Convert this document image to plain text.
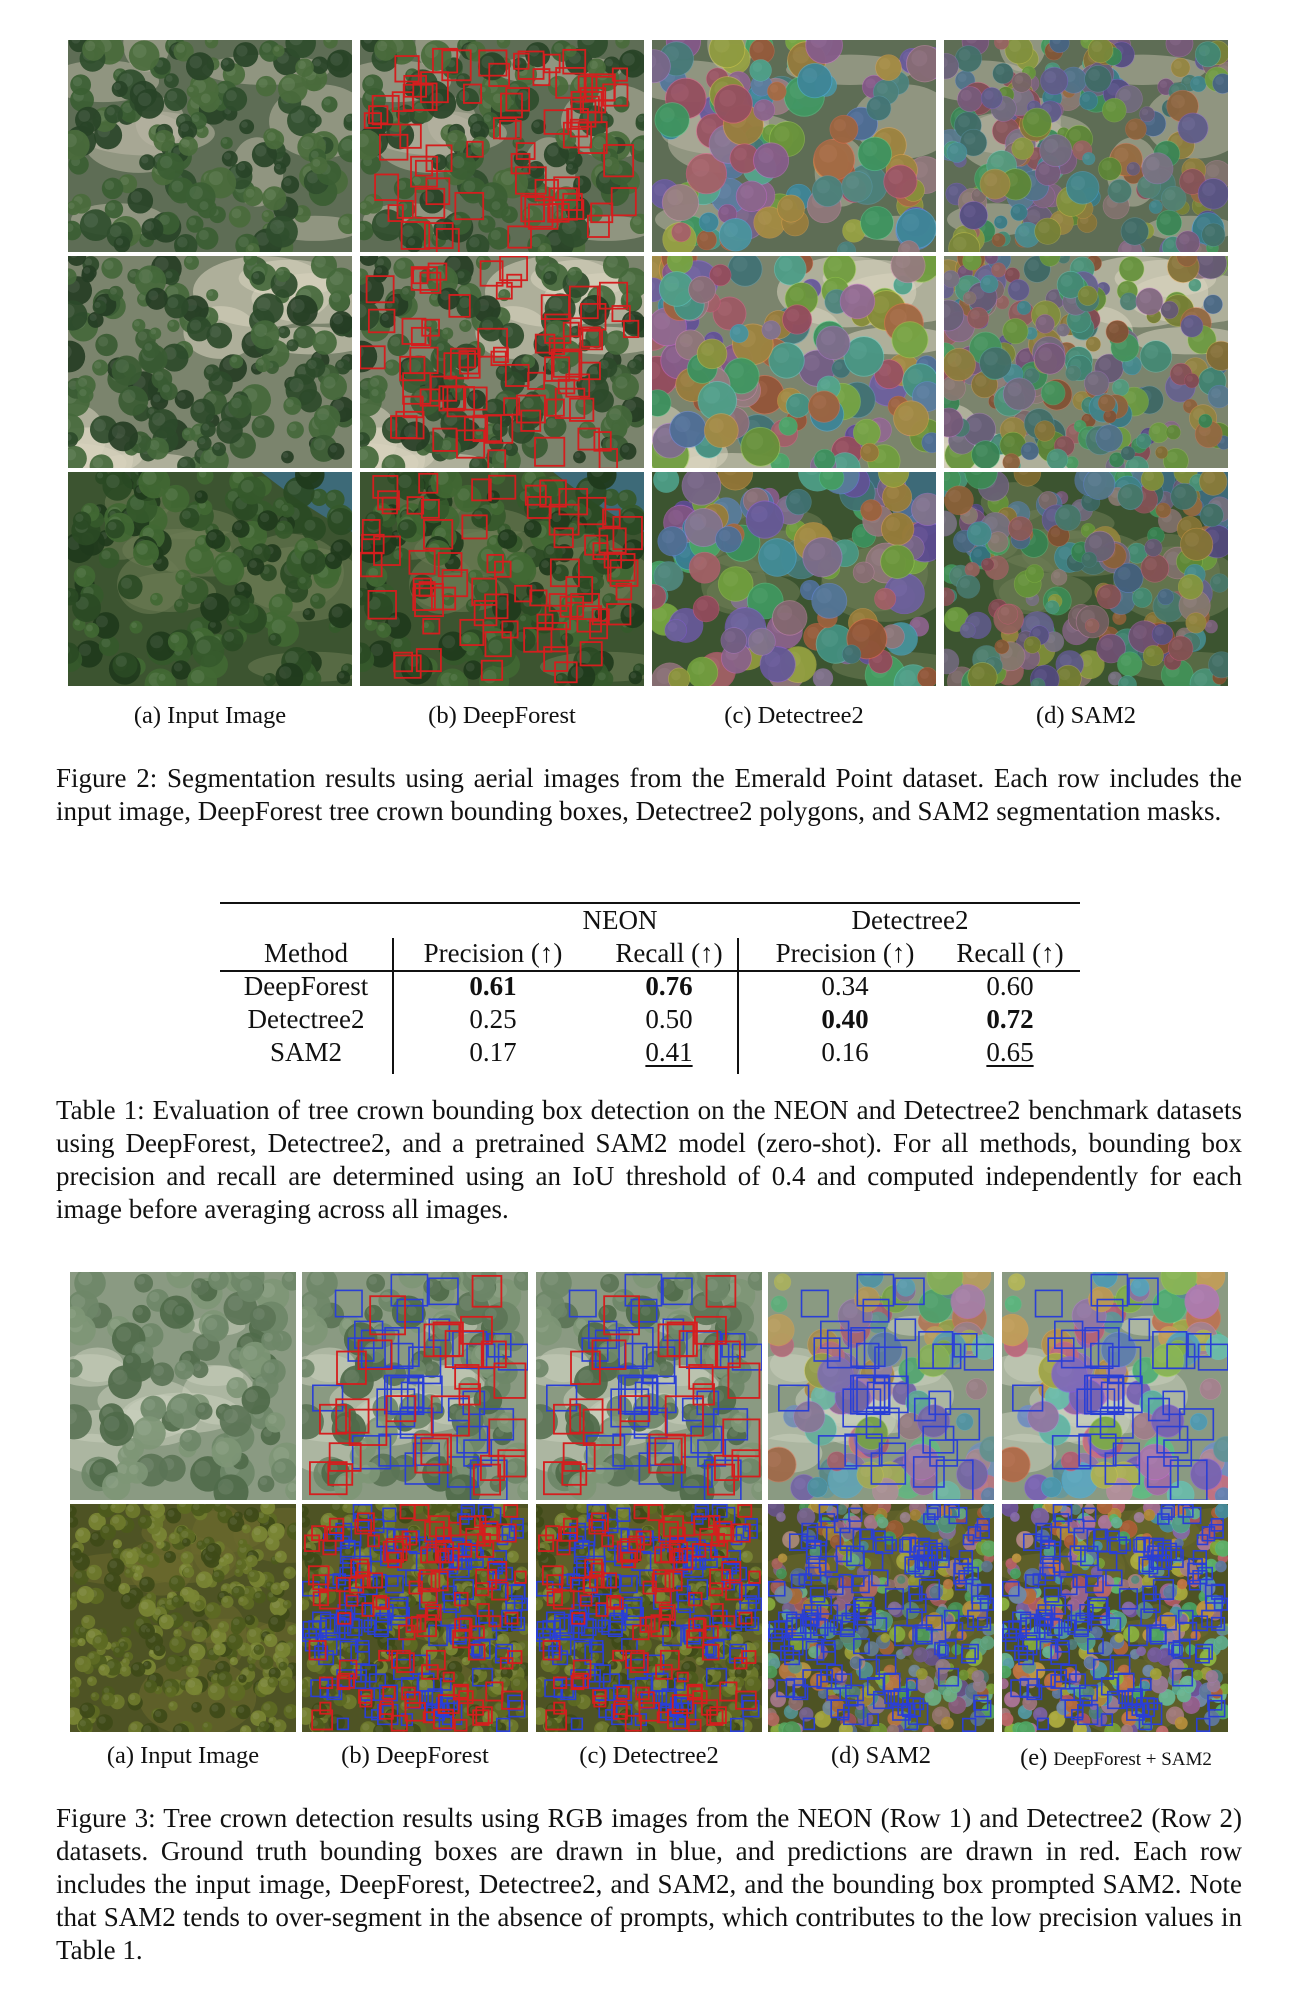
(a) Input Image	(b) DeepForest	(c) Detectree2	(d) SAM2
Figure 2: Segmentation results using aerial images from the Emerald Point dataset. Each row includes the input image, DeepForest tree crown bounding boxes, Detectree2 polygons, and SAM2 segmentation masks.
NEON	Detectree2
Method	Precision (↑)	Recall (↑)	Precision (↑)	Recall (↑)
DeepForest	0.61	0.76	0.34	0.60
Detectree2	0.25	0.50	0.40	0.72
SAM2	0.17	0.41	0.16	0.65
Table 1: Evaluation of tree crown bounding box detection on the NEON and Detectree2 benchmark datasets using DeepForest, Detectree2, and a pretrained SAM2 model (zero-shot). For all methods, bounding box precision and recall are determined using an IoU threshold of 0.4 and computed independently for each image before averaging across all images.
(a) Input Image	(b) DeepForest	(c) Detectree2	(d) SAM2	(e) DeepForest + SAM2
Figure 3: Tree crown detection results using RGB images from the NEON (Row 1) and Detectree2 (Row 2) datasets. Ground truth bounding boxes are drawn in blue, and predictions are drawn in red. Each row includes the input image, DeepForest, Detectree2, and SAM2, and the bounding box prompted SAM2. Note that SAM2 tends to over-segment in the absence of prompts, which contributes to the low precision values in Table 1.
